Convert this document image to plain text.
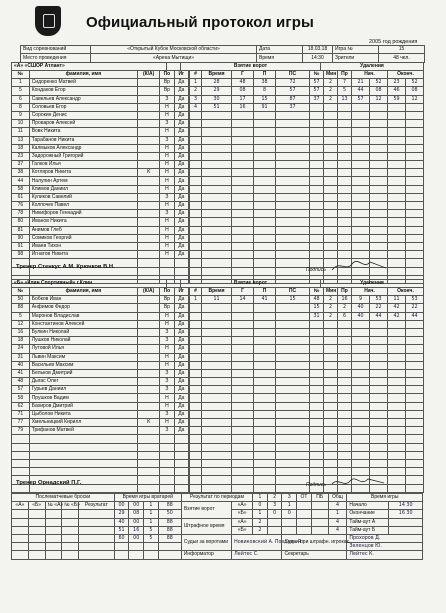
Официальный протокол игры
2005 год рождения
Вид соревнований	«Открытый Кубок Московской области»	Дата	18.03.18	Игра №	15
Место проведения	«Арена Мытищи»	Время	14:30	Зрители	48 чел.
«А» «СШОР Атлант»		Взятие ворот	Удаления
№	фамилия, имя	(К/А)	По	Иг
1	Сидоренко Матвей		Вр	Да
5	Кондаков Егор		Вр	Да
6	Савельев Александр		З	Да
8	Соловьев Егор		Н	Да
9	Сорокин Денис		Н	Да
10	Проваров Алексей		З	Да
11	Вовк Никита		Н	Да
13	Тарабанов Никита		З	Да
18	Калмыков Александр		Н	Да
23	Задорожный Григорий		Н	Да
37	Галков Илья		Н	Да
38	Котляров Никита	К	Н	Да
44	Налупин Артем		Н	Да
58	Климов Даниил		Н	Да
61	Куликов Савелий		З	Да
76	Колпочек Павел		Н	Да
78	Никифоров Геннадий		З	Да
80	Иванов Никита		Н	Да
81	Анимов Глеб		Н	Да
90	Сомиков Георгий		Н	Да
91	Иваев Тихон		Н	Да
98	Игнатов Никита		Н	Да

#	Время	Г	П	ПС
1	28	48	38	72
2	29	08	8	57
3	30	17	15	87
4	51	16	91	37

№	Мин	Пр	Нач.		Оконч.	
57	2	7	21	52	23	52
57	2	5	44	08	46	08
37	2	13	57	12	59	12

Тренер Стенкус А.М. Крючков В.Н.	Подпись
«Б» «Клин Спортивный» г.Клин		Взятие ворот	Удаления
№	фамилия, имя	(К/А)	По	Иг
50	Бобков Иван		Вр	Да
88	Анфимов Федор		Вр	Да
5	Маронов Владислав		Н	Да
12	Константинов Алексей		Н	Да
16	Булкин Николай		З	Да
18	Лушков Николай		З	Да
24	Лутовой Илья		Н	Да
31	Львин Максим		Н	Да
40	Васильев Максим		Н	Да
41	Бельков Дмитрий		З	Да
48	Дыгас Олег		З	Да
57	Гурьев Даниил		З	Да
58	Прушков Вадим		Н	Да
62	Бахиров Дмитрий		Н	Да
71	Цыболов Никита		З	Да
77	Хмельницкий Кирилл	К	Н	Да
79	Трифанов Матвей		З	Да

#	Время	Г	П	ПС
1	11	14	41	15

№	Мин	Пр	Нач.		Оконч.	
48	2	16	9	53	11	53
15	2	2	40	22	42	22
31	2	6	40	44	42	44

Тренер Орнадский П.Г.	Подпись
Послематчевые броски					Время игры вратарей				Результат по периодам		1	2	3	ОТ	ПБ	Общ	Время игры	
«А»	«Б»	№ «А»	№ «Б»	Результат	00	00	1	88	Взятие ворот	«А»	0	3	1			4	Начало	14 30
					29	08	1	50		«Б»	1	0	0			1	Окончание	16 30
					40	00	1	88	Штрафное время	«А»	2					4	Тайм-аут А	
					51	16	5	88		«Б»	2					4	Тайм-аут Б	
					60	00	5	88	Судьи за воротами	Новиковский А. Поздеев Я.			Судьи при штрафн. игроках				Прохоров Д.	
																	Зеленцов Ю.	
									Информатор	Лейтес С.			Секретарь				Лейтес К.	
